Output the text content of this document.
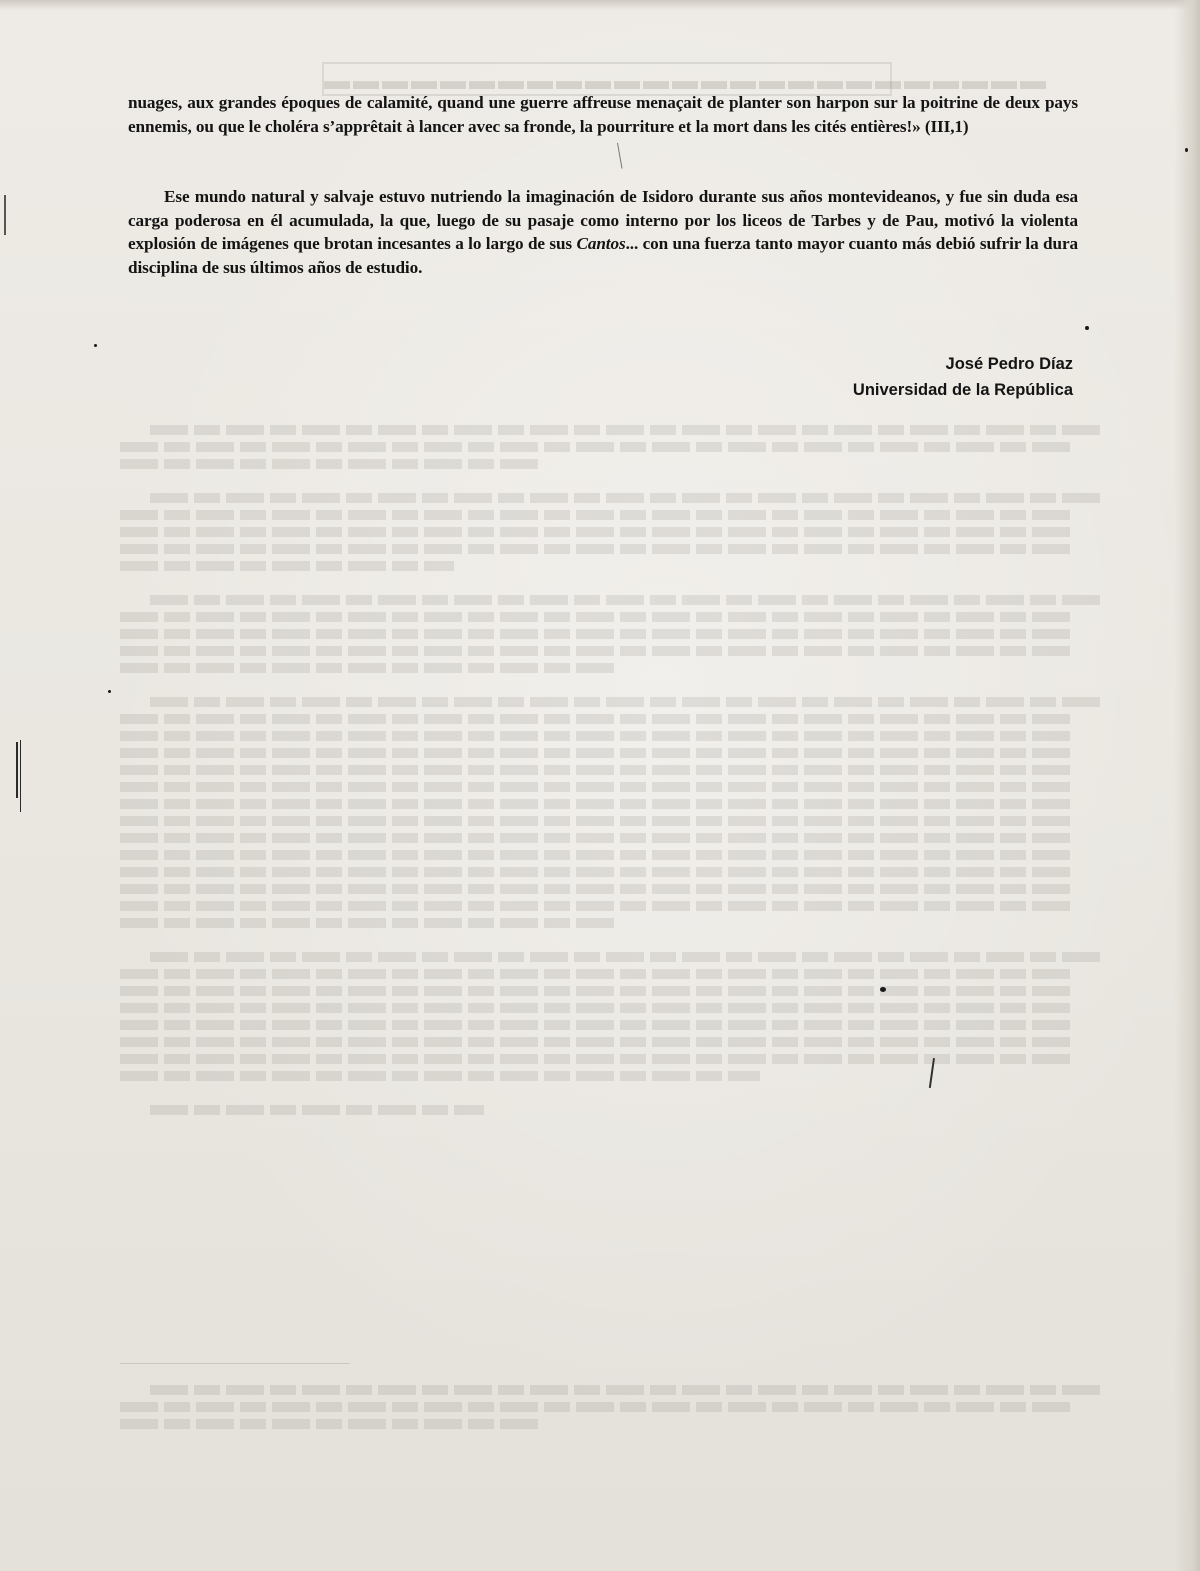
▬▬▬▬▬▬▬▬▬▬▬▬▬▬▬▬▬▬▬▬▬▬▬▬▬

nuages, aux grandes époques de calamité, quand une guerre affreuse menaçait de planter son harpon sur la poitrine de deux pays ennemis, ou que le choléra s’apprêtait à lancer avec sa fronde, la pourriture et la mort dans les cités entières!» (III,1)

Ese mundo natural y salvaje estuvo nutriendo la imaginación de Isidoro durante sus años montevideanos, y fue sin duda esa carga poderosa en él acumulada, la que, luego de su pasaje como interno por los liceos de Tarbes y de Pau, motivó la violenta explosión de imágenes que brotan incesantes a lo largo de sus Cantos... con una fuerza tanto mayor cuanto más debió sufrir la dura disciplina de sus últimos años de estudio.

José Pedro Díaz
Universidad de la República
